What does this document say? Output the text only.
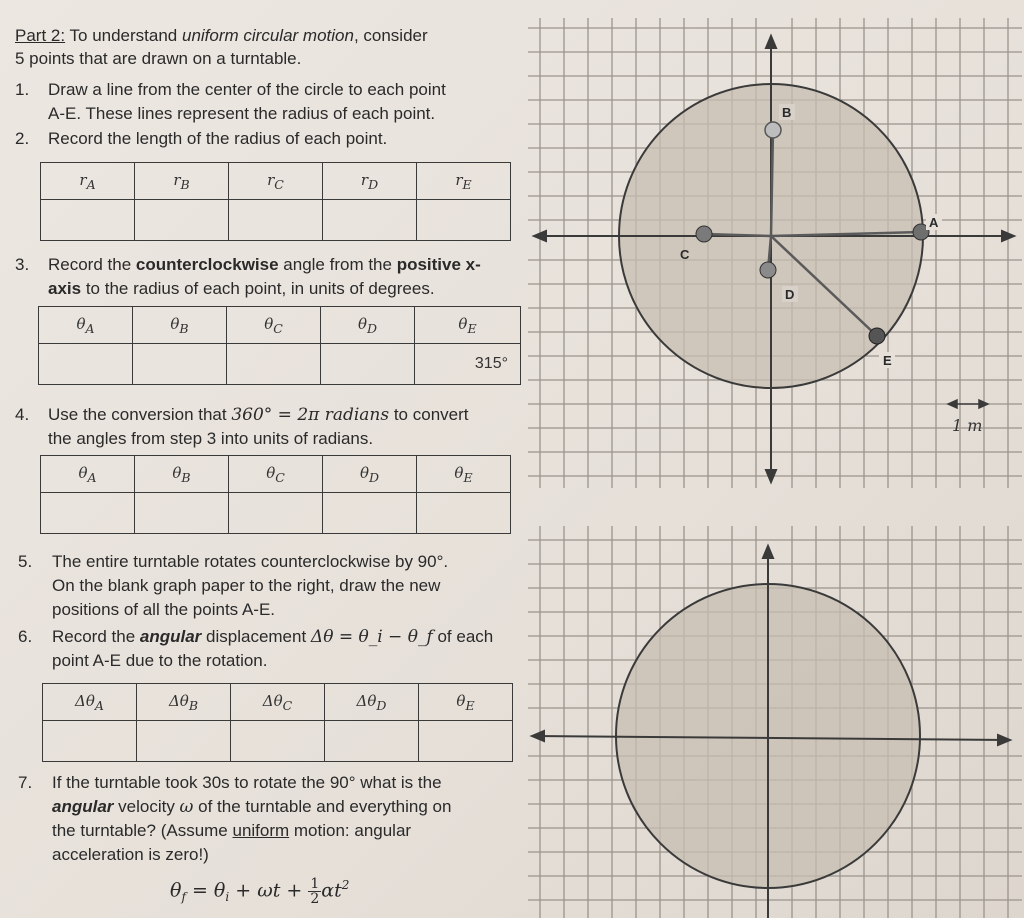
Part 2: To understand uniform circular motion, consider
5 points that are drawn on a turntable.
1. Draw a line from the center of the circle to each point
A-E. These lines represent the radius of each point.
2. Record the length of the radius of each point.
$r_A$	$r_B$	$r_C$	$r_D$	$r_E$

3. Record the counterclockwise angle from the positive x-
axis to the radius of each point, in units of degrees.
$\theta_A$	$\theta_B$	$\theta_C$	$\theta_D$	$\theta_E$
				315°
4. Use the conversion that 360° = 2π radians to convert
the angles from step 3 into units of radians.
$\theta_A$	$\theta_B$	$\theta_C$	$\theta_D$	$\theta_E$

5. The entire turntable rotates counterclockwise by 90°.
On the blank graph paper to the right, draw the new
positions of all the points A-E.
6. Record the angular displacement Δθ = θ_i − θ_f of each
point A-E due to the rotation.
$\Delta\theta_A$	$\Delta\theta_B$	$\Delta\theta_C$	$\Delta\theta_D$	$\theta_E$

7. If the turntable took 30s to rotate the 90° what is the
angular velocity ω of the turntable and everything on
the turntable? (Assume uniform motion: angular
acceleration is zero!)
$\theta_f = \theta_i + \omega t + \frac{1}{2} \alpha t^2$
A
B
C
D
E
1 m
